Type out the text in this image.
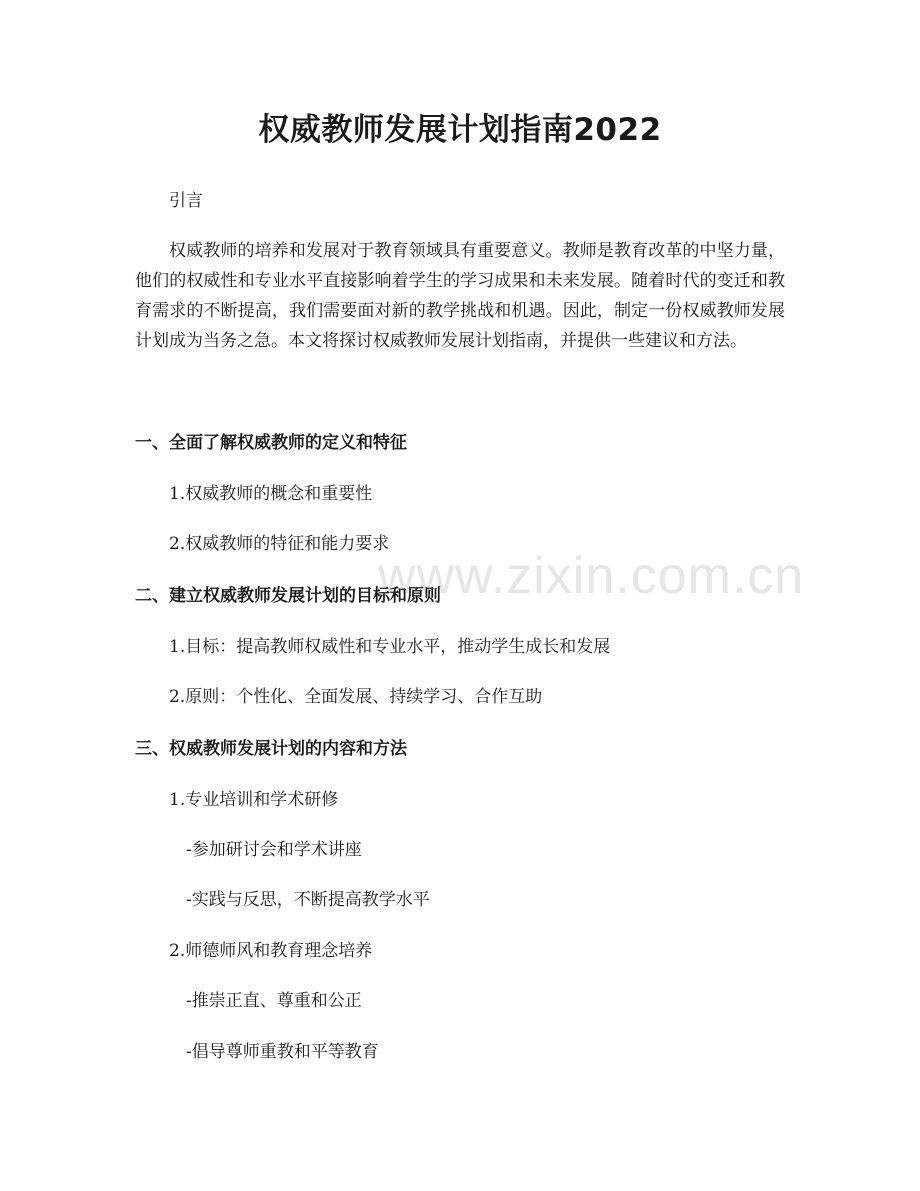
www.zixin.com.cn
权威教师发展计划指南2022
引言
权威教师的培养和发展对于教育领域具有重要意义。教师是教育改革的中坚力量，他们的权威性和专业水平直接影响着学生的学习成果和未来发展。随着时代的变迁和教育需求的不断提高，我们需要面对新的教学挑战和机遇。因此，制定一份权威教师发展计划成为当务之急。本文将探讨权威教师发展计划指南，并提供一些建议和方法。
一、全面了解权威教师的定义和特征
1.权威教师的概念和重要性
2.权威教师的特征和能力要求
二、建立权威教师发展计划的目标和原则
1.目标：提高教师权威性和专业水平，推动学生成长和发展
2.原则：个性化、全面发展、持续学习、合作互助
三、权威教师发展计划的内容和方法
1.专业培训和学术研修
-参加研讨会和学术讲座
-实践与反思，不断提高教学水平
2.师德师风和教育理念培养
-推崇正直、尊重和公正
-倡导尊师重教和平等教育
